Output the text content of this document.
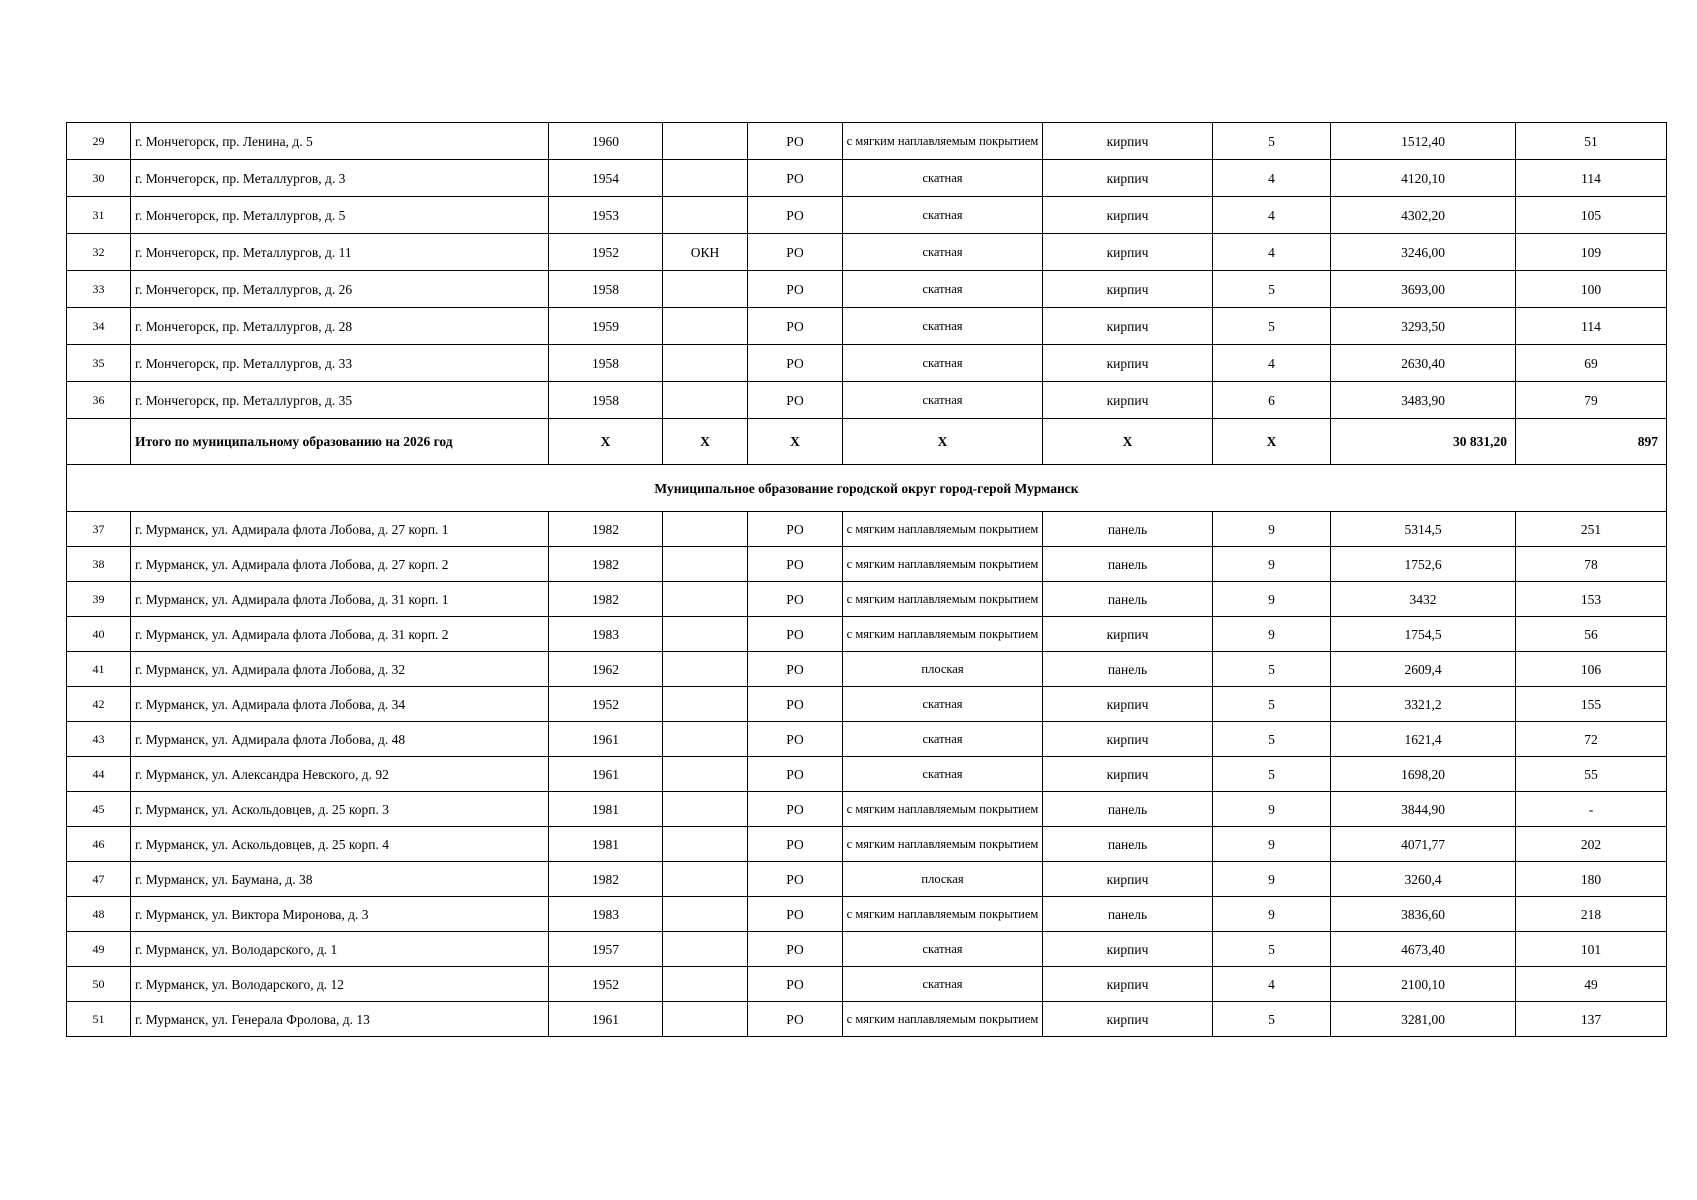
29	г. Мончегорск, пр. Ленина, д. 5	1960		РО	с мягким наплавляемым покрытием	кирпич	5	1512,40	51
30	г. Мончегорск, пр. Металлургов, д. 3	1954		РО	скатная	кирпич	4	4120,10	114
31	г. Мончегорск, пр. Металлургов, д. 5	1953		РО	скатная	кирпич	4	4302,20	105
32	г. Мончегорск, пр. Металлургов, д. 11	1952	ОКН	РО	скатная	кирпич	4	3246,00	109
33	г. Мончегорск, пр. Металлургов, д. 26	1958		РО	скатная	кирпич	5	3693,00	100
34	г. Мончегорск, пр. Металлургов, д. 28	1959		РО	скатная	кирпич	5	3293,50	114
35	г. Мончегорск, пр. Металлургов, д. 33	1958		РО	скатная	кирпич	4	2630,40	69
36	г. Мончегорск, пр. Металлургов, д. 35	1958		РО	скатная	кирпич	6	3483,90	79
	Итого по муниципальному образованию на 2026 год	Х	Х	Х	Х	Х	Х	30 831,20	897
Муниципальное образование городской округ город-герой Мурманск									
37	г. Мурманск, ул. Адмирала флота Лобова, д. 27 корп. 1	1982		РО	с мягким наплавляемым покрытием	панель	9	5314,5	251
38	г. Мурманск, ул. Адмирала флота Лобова, д. 27 корп. 2	1982		РО	с мягким наплавляемым покрытием	панель	9	1752,6	78
39	г. Мурманск, ул. Адмирала флота Лобова, д. 31 корп. 1	1982		РО	с мягким наплавляемым покрытием	панель	9	3432	153
40	г. Мурманск, ул. Адмирала флота Лобова, д. 31 корп. 2	1983		РО	с мягким наплавляемым покрытием	кирпич	9	1754,5	56
41	г. Мурманск, ул. Адмирала флота Лобова, д. 32	1962		РО	плоская	панель	5	2609,4	106
42	г. Мурманск, ул. Адмирала флота Лобова, д. 34	1952		РО	скатная	кирпич	5	3321,2	155
43	г. Мурманск, ул. Адмирала флота Лобова, д. 48	1961		РО	скатная	кирпич	5	1621,4	72
44	г. Мурманск, ул. Александра Невского, д. 92	1961		РО	скатная	кирпич	5	1698,20	55
45	г. Мурманск, ул. Аскольдовцев, д. 25 корп. 3	1981		РО	с мягким наплавляемым покрытием	панель	9	3844,90	-
46	г. Мурманск, ул. Аскольдовцев, д. 25 корп. 4	1981		РО	с мягким наплавляемым покрытием	панель	9	4071,77	202
47	г. Мурманск, ул. Баумана, д. 38	1982		РО	плоская	кирпич	9	3260,4	180
48	г. Мурманск, ул. Виктора Миронова, д. 3	1983		РО	с мягким наплавляемым покрытием	панель	9	3836,60	218
49	г. Мурманск, ул. Володарского, д. 1	1957		РО	скатная	кирпич	5	4673,40	101
50	г. Мурманск, ул. Володарского, д. 12	1952		РО	скатная	кирпич	4	2100,10	49
51	г. Мурманск, ул. Генерала Фролова, д. 13	1961		РО	с мягким наплавляемым покрытием	кирпич	5	3281,00	137
